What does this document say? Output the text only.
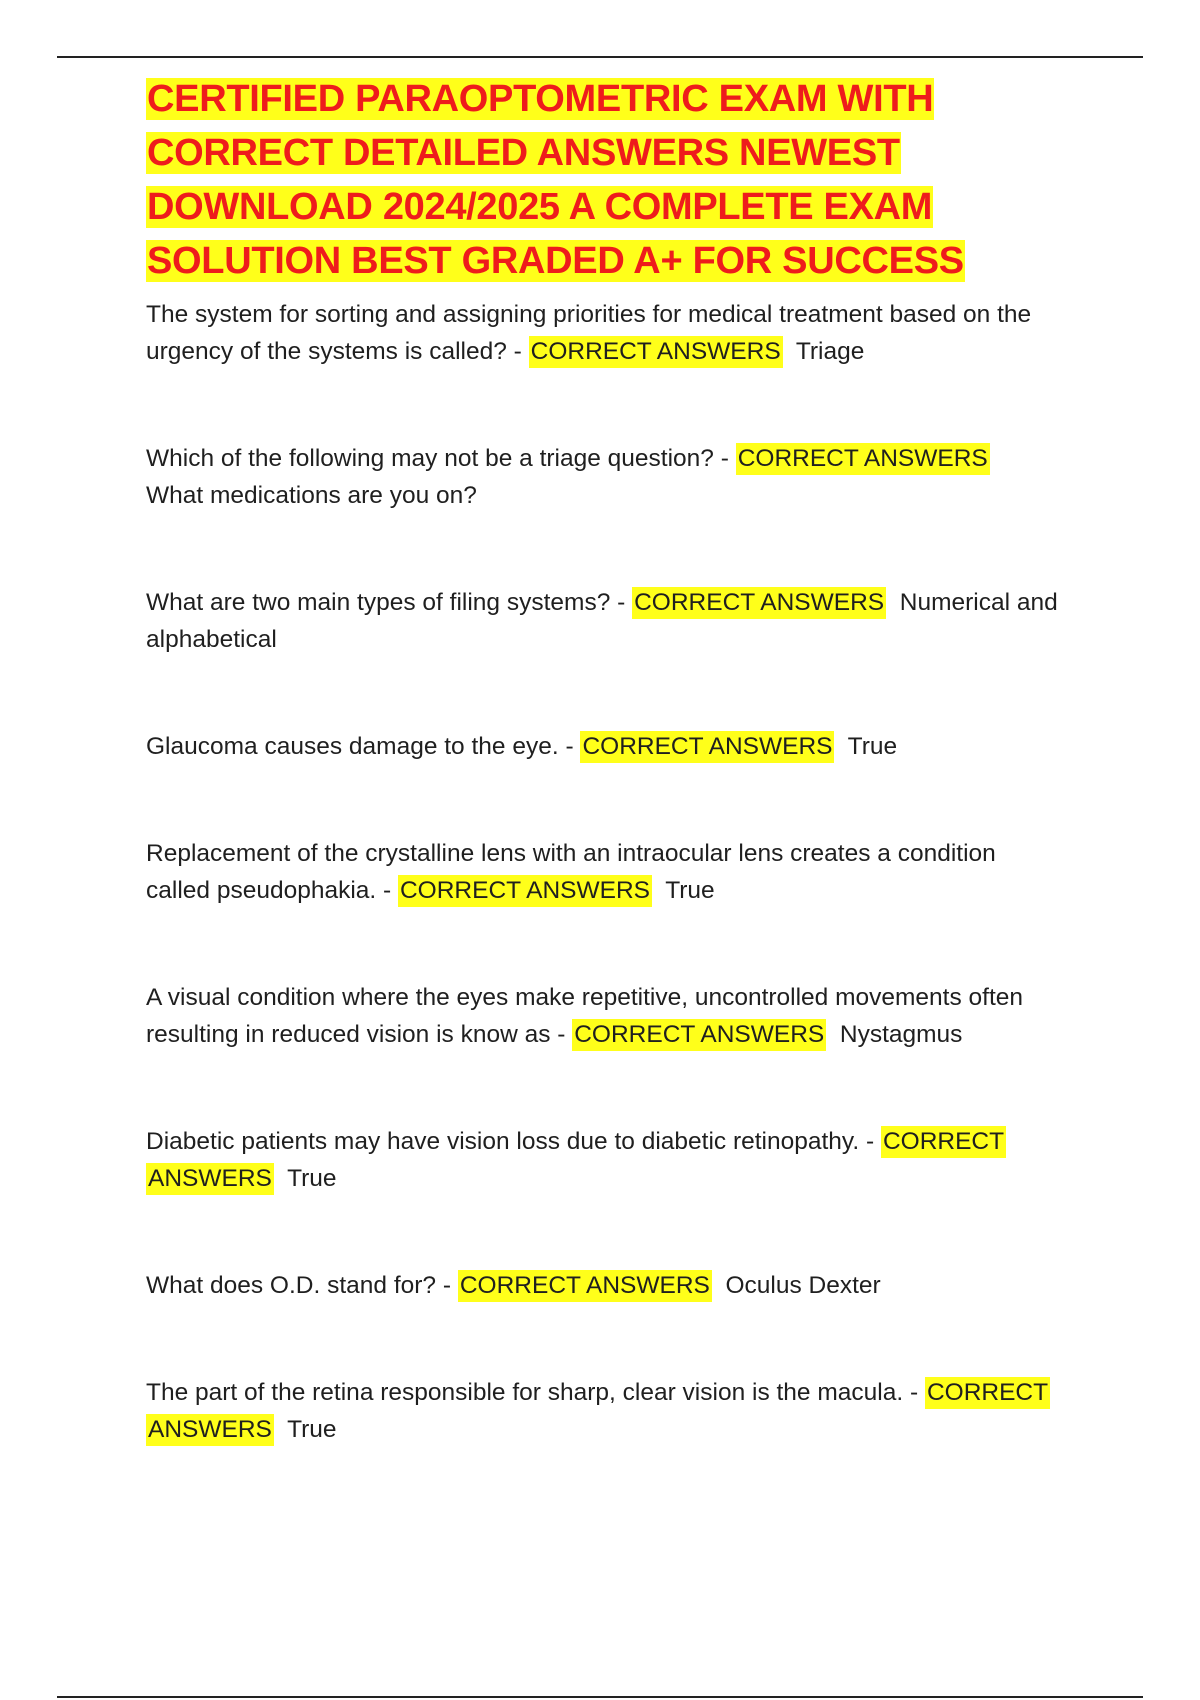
CERTIFIED PARAOPTOMETRIC EXAM WITH CORRECT DETAILED ANSWERS NEWEST DOWNLOAD 2024/2025 A COMPLETE EXAM SOLUTION BEST GRADED A+ FOR SUCCESS
The system for sorting and assigning priorities for medical treatment based on the urgency of the systems is called? - CORRECT ANSWERS Triage
Which of the following may not be a triage question? - CORRECT ANSWERS
What medications are you on?
What are two main types of filing systems? - CORRECT ANSWERS Numerical and alphabetical
Glaucoma causes damage to the eye. - CORRECT ANSWERS True
Replacement of the crystalline lens with an intraocular lens creates a condition called pseudophakia. - CORRECT ANSWERS True
A visual condition where the eyes make repetitive, uncontrolled movements often resulting in reduced vision is know as - CORRECT ANSWERS Nystagmus
Diabetic patients may have vision loss due to diabetic retinopathy. - CORRECT ANSWERS True
What does O.D. stand for? - CORRECT ANSWERS Oculus Dexter
The part of the retina responsible for sharp, clear vision is the macula. - CORRECT ANSWERS True
